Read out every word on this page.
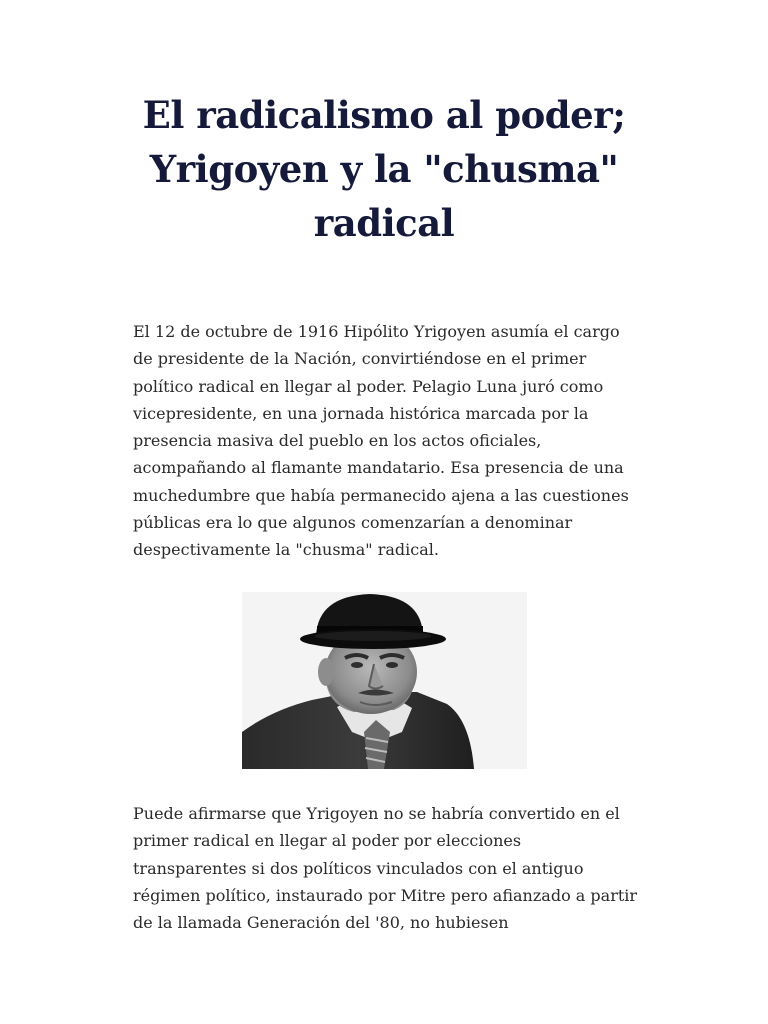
El radicalismo al poder; Yrigoyen y la "chusma" radical

El 12 de octubre de 1916 Hipólito Yrigoyen asumía el cargo de presidente de la Nación, convirtiéndose en el primer político radical en llegar al poder. Pelagio Luna juró como vicepresidente, en una jornada histórica marcada por la presencia masiva del pueblo en los actos oficiales, acompañando al flamante mandatario. Esa presencia de una muchedumbre que había permanecido ajena a las cuestiones públicas era lo que algunos comenzarían a denominar despectivamente la "chusma" radical.

Puede afirmarse que Yrigoyen no se habría convertido en el primer radical en llegar al poder por elecciones transparentes si dos políticos vinculados con el antiguo régimen político, instaurado por Mitre pero afianzado a partir de la llamada Generación del '80, no hubiesen
